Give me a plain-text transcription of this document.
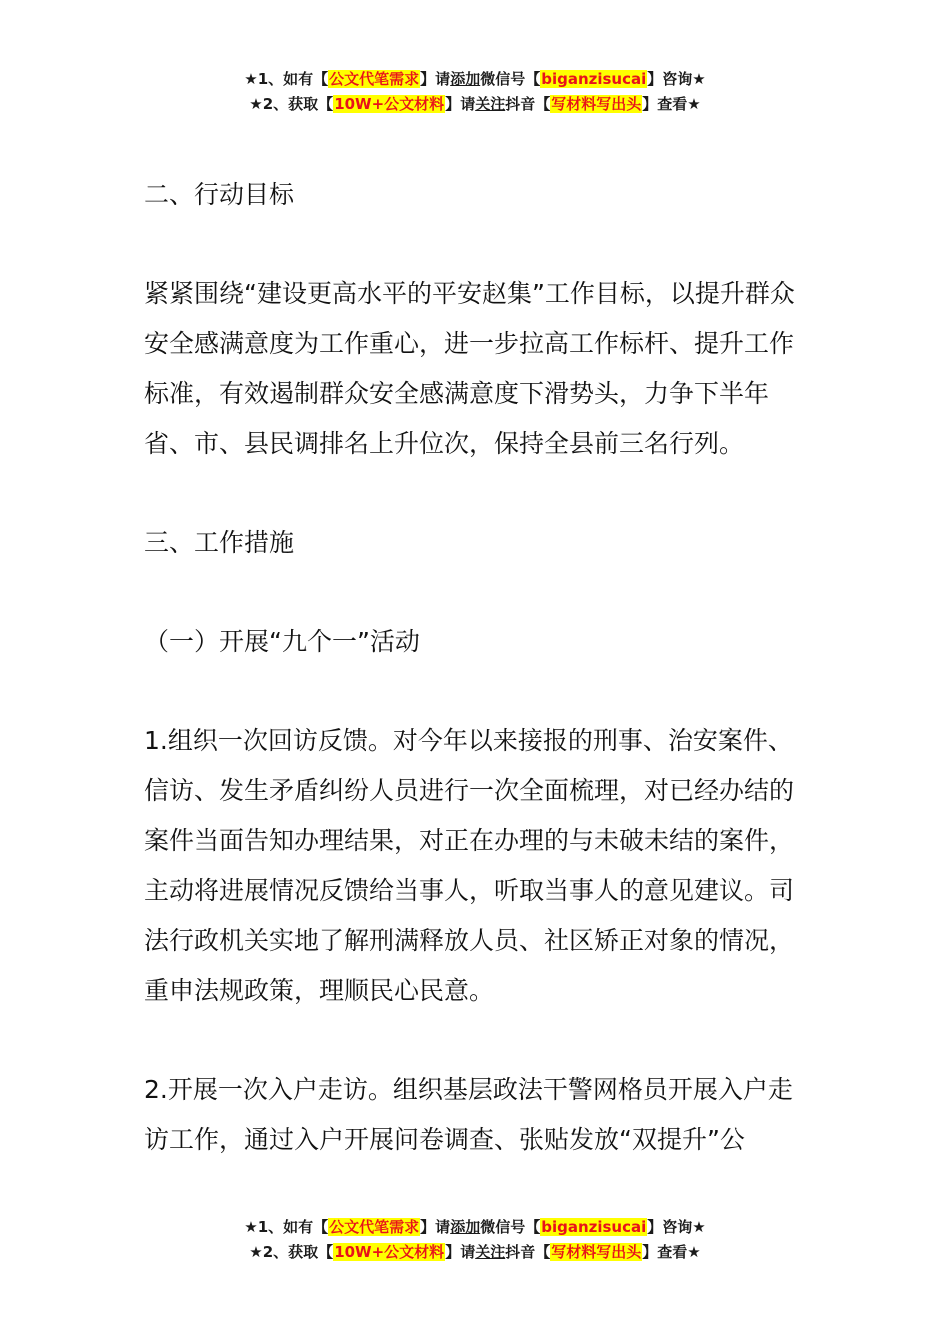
★1、如有【公文代笔需求】请添加微信号【biganzisucai】咨询★
★2、获取【10W+公文材料】请关注抖音【写材料写出头】查看★

二、行动目标

紧紧围绕“建设更高水平的平安赵集”工作目标，以提升群众安全感满意度为工作重心，进一步拉高工作标杆、提升工作标准，有效遏制群众安全感满意度下滑势头，力争下半年省、市、县民调排名上升位次，保持全县前三名行列。

三、工作措施

（一）开展“九个一”活动

1.组织一次回访反馈。对今年以来接报的刑事、治安案件、信访、发生矛盾纠纷人员进行一次全面梳理，对已经办结的案件当面告知办理结果，对正在办理的与未破未结的案件，主动将进展情况反馈给当事人，听取当事人的意见建议。司法行政机关实地了解刑满释放人员、社区矫正对象的情况，重申法规政策，理顺民心民意。

2.开展一次入户走访。组织基层政法干警网格员开展入户走访工作，通过入户开展问卷调查、张贴发放“双提升”公

★1、如有【公文代笔需求】请添加微信号【biganzisucai】咨询★
★2、获取【10W+公文材料】请关注抖音【写材料写出头】查看★
